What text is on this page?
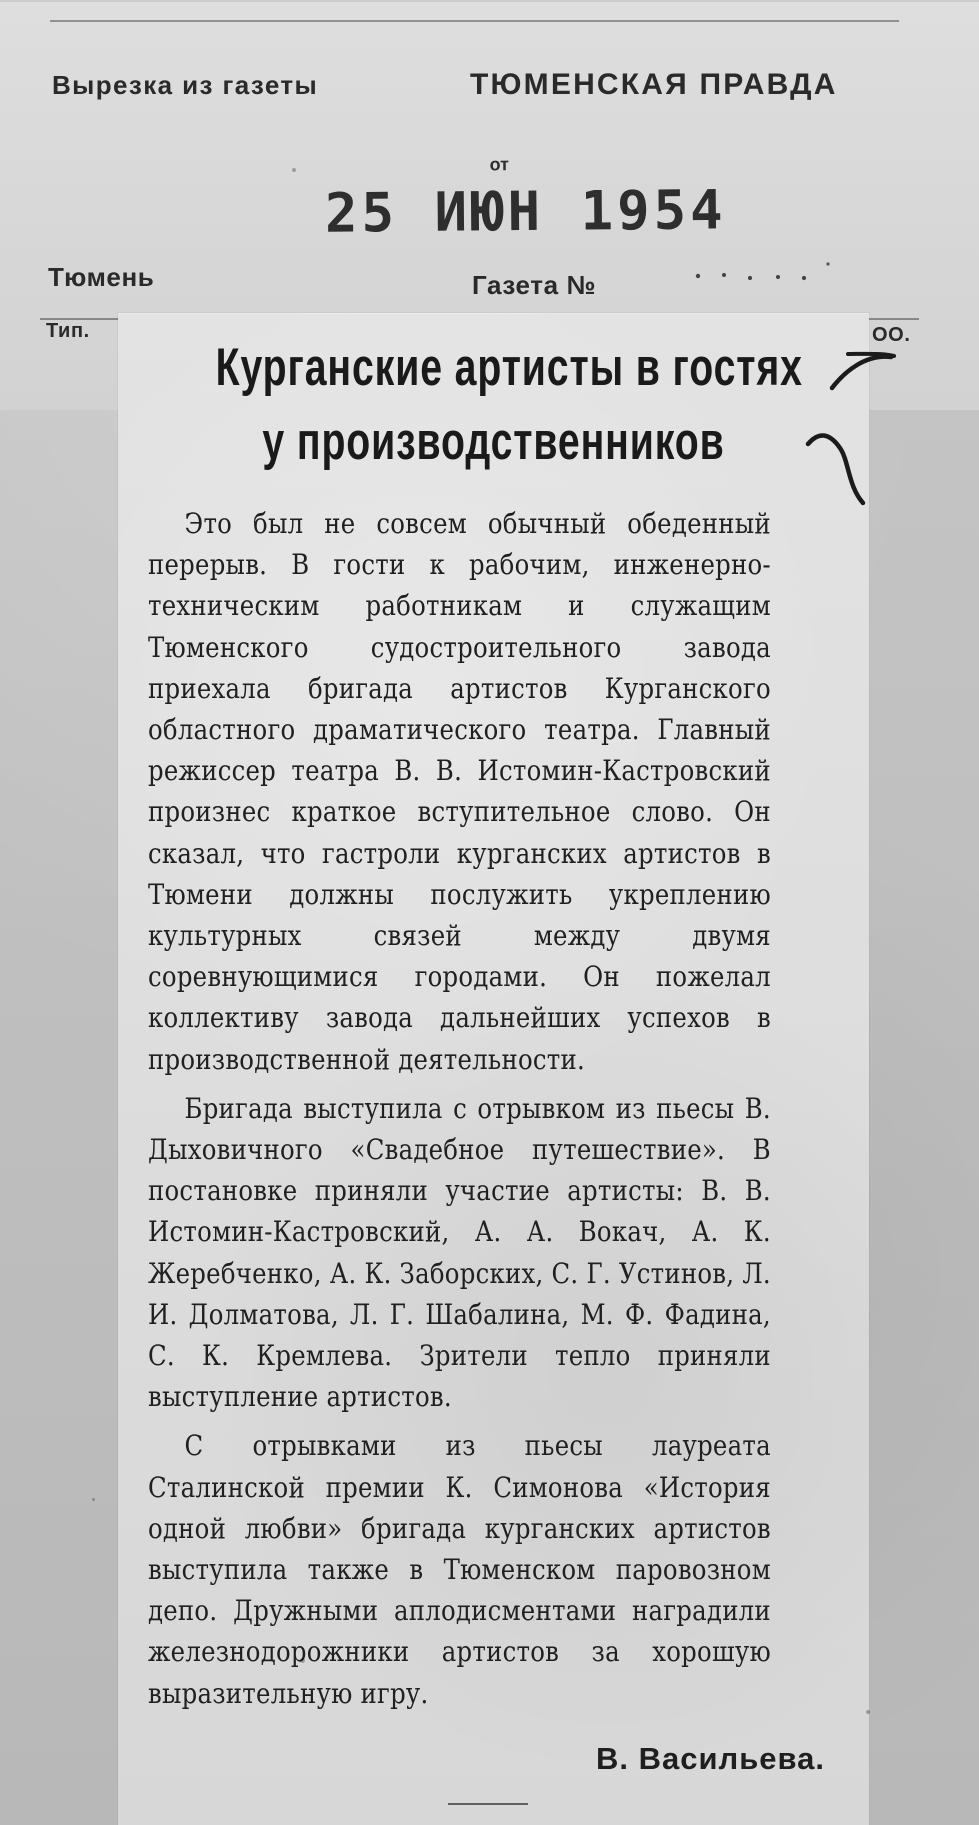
Вырезка из газеты	ТЮМЕНСКАЯ ПРАВДА
от
25 ИЮН 1954
Тюмень	Газета №
Тип.	ОО.
Курганские артисты в гостях
у производственников

Это был не совсем обычный обеденный перерыв. В гости к рабочим, инженерно-техническим работникам и служащим Тюменского судостроительного завода приехала бригада артистов Курганского областного драматического театра. Главный режиссер театра В. В. Истомин-Кастровский произнес краткое вступительное слово. Он сказал, что гастроли курганских артистов в Тюмени должны послужить укреплению культурных связей между двумя соревнующимися городами. Он пожелал коллективу завода дальнейших успехов в производственной деятельности.

Бригада выступила с отрывком из пьесы В. Дыховичного «Свадебное путешествие». В постановке приняли участие артисты: В. В. Истомин-Кастровский, А. А. Вокач, А. К. Жеребченко, А. К. Заборских, С. Г. Устинов, Л. И. Долматова, Л. Г. Шабалина, М. Ф. Фадина, С. К. Кремлева. Зрители тепло приняли выступление артистов.

С отрывками из пьесы лауреата Сталинской премии К. Симонова «История одной любви» бригада курганских артистов выступила также в Тюменском паровозном депо. Дружными аплодисментами наградили железнодорожники артистов за хорошую выразительную игру.

В. Васильева.
